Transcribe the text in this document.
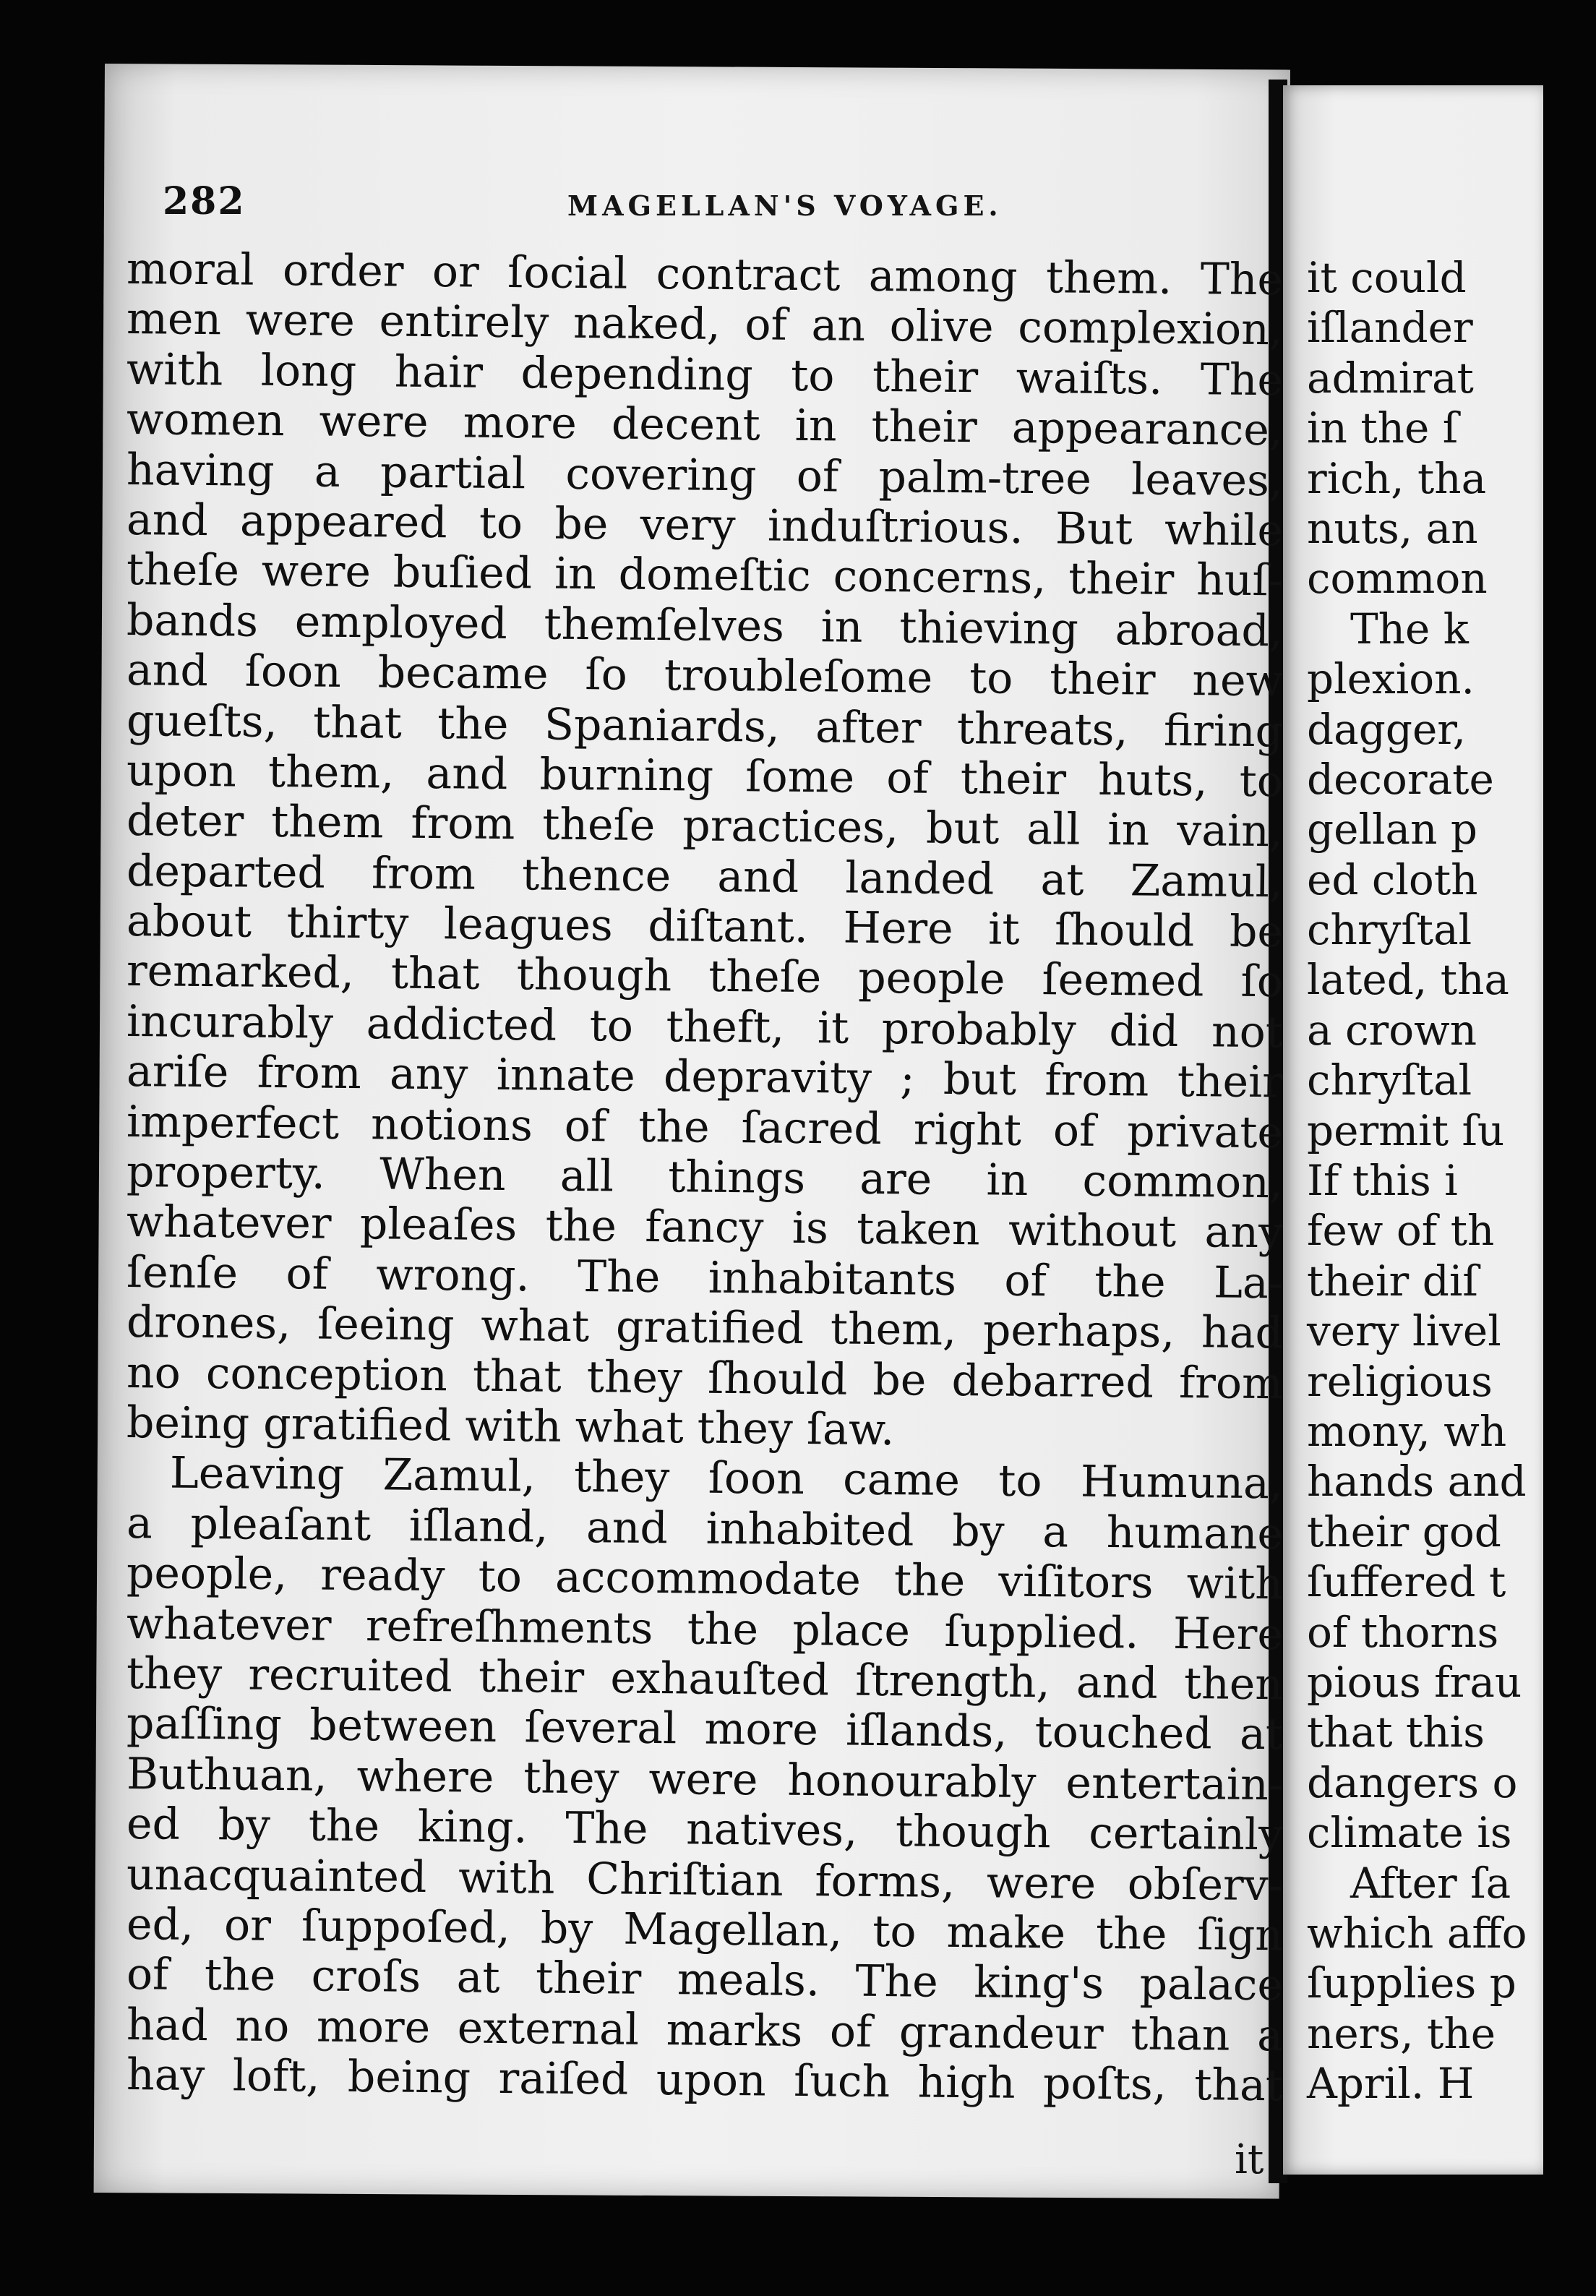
282	MAGELLAN'S VOYAGE.
moral order or ſocial contract among them. The
men were entirely naked, of an olive complexion,
with long hair depending to their waiſts. The
women were more decent in their appearance,
having a partial covering of palm-tree leaves,
and appeared to be very induſtrious. But while
theſe were buſied in domeſtic concerns, their huſ-
bands employed themſelves in thieving abroad,
and ſoon became ſo troubleſome to their new
gueſts, that the Spaniards, after threats, firing
upon them, and burning ſome of their huts, to
deter them from theſe practices, but all in vain,
departed from thence and landed at Zamul,
about thirty leagues diſtant. Here it ſhould be
remarked, that though theſe people ſeemed ſo
incurably addicted to theft, it probably did not
ariſe from any innate depravity ; but from their
imperfect notions of the ſacred right of private
property. When all things are in common,
whatever pleaſes the fancy is taken without any
ſenſe of wrong. The inhabitants of the La-
drones, ſeeing what gratified them, perhaps, had
no conception that they ſhould be debarred from
being gratified with what they ſaw.
Leaving Zamul, they ſoon came to Humuna,
a pleaſant iſland, and inhabited by a humane
people, ready to accommodate the viſitors with
whatever refreſhments the place ſupplied. Here
they recruited their exhauſted ſtrength, and then
paſſing between ſeveral more iſlands, touched at
Buthuan, where they were honourably entertain-
ed by the king. The natives, though certainly
unacquainted with Chriſtian forms, were obſerv-
ed, or ſuppoſed, by Magellan, to make the ſign
of the croſs at their meals. The king's palace
had no more external marks of grandeur than a
hay loft, being raiſed upon ſuch high poſts, that
it
it could
iſlander
admirat
in the ſ
rich, tha
nuts, an
common
The k
plexion.
dagger,
decorate
gellan p
ed cloth
chryſtal
lated, tha
a crown
chryſtal
permit ſu
If this i
few of th
their diſ
very livel
religious
mony, wh
hands and
their god
ſuffered t
of thorns
pious frau
that this
dangers o
climate is
After ſa
which affo
ſupplies p
ners, the
April. H
